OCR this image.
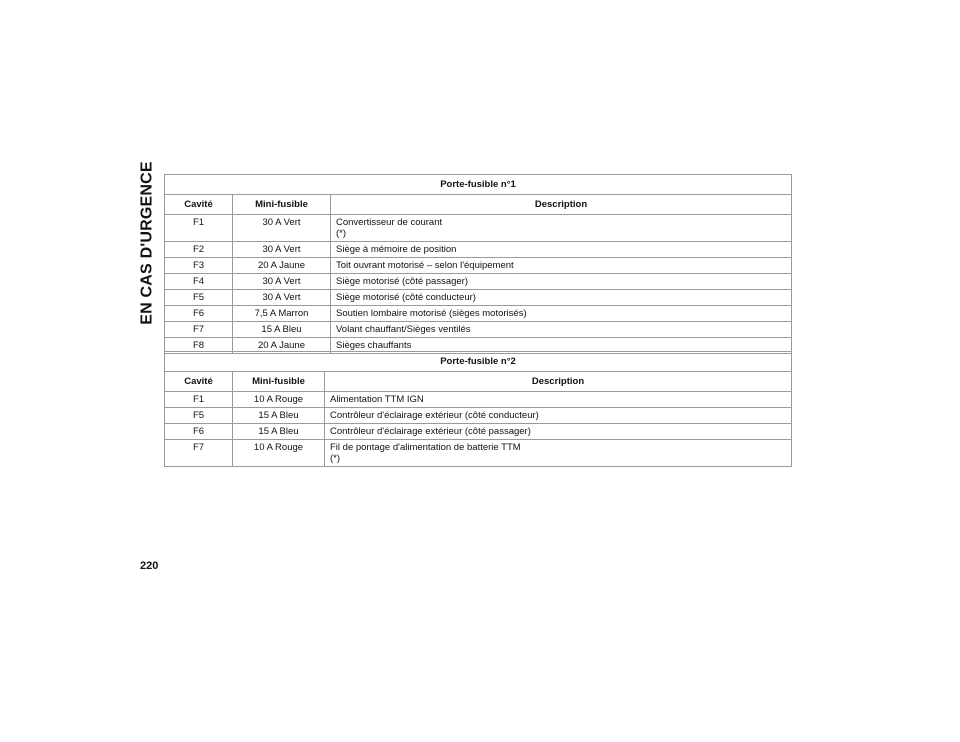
EN CAS D'URGENCE	Porte-fusible n°1		
Cavité	Mini-fusible	Description
F1	30 A Vert	Convertisseur de courant
(*)

F2	30 A Vert	Siège à mémoire de position
F3	20 A Jaune	Toit ouvrant motorisé – selon l'équipement
F4	30 A Vert	Siège motorisé (côté passager)
F5	30 A Vert	Siège motorisé (côté conducteur)
F6	7,5 A Marron	Soutien lombaire motorisé (sièges motorisés)
F7	15 A Bleu	Volant chauffant/Sièges ventilés
F8	20 A Jaune	Sièges chauffants
Porte-fusible n°2		
Cavité	Mini-fusible	Description
F1	10 A Rouge	Alimentation TTM IGN
F5	15 A Bleu	Contrôleur d'éclairage extérieur (côté conducteur)
F6	15 A Bleu	Contrôleur d'éclairage extérieur (côté passager)
F7	10 A Rouge	Fil de pontage d'alimentation de batterie TTM
(*)
220
